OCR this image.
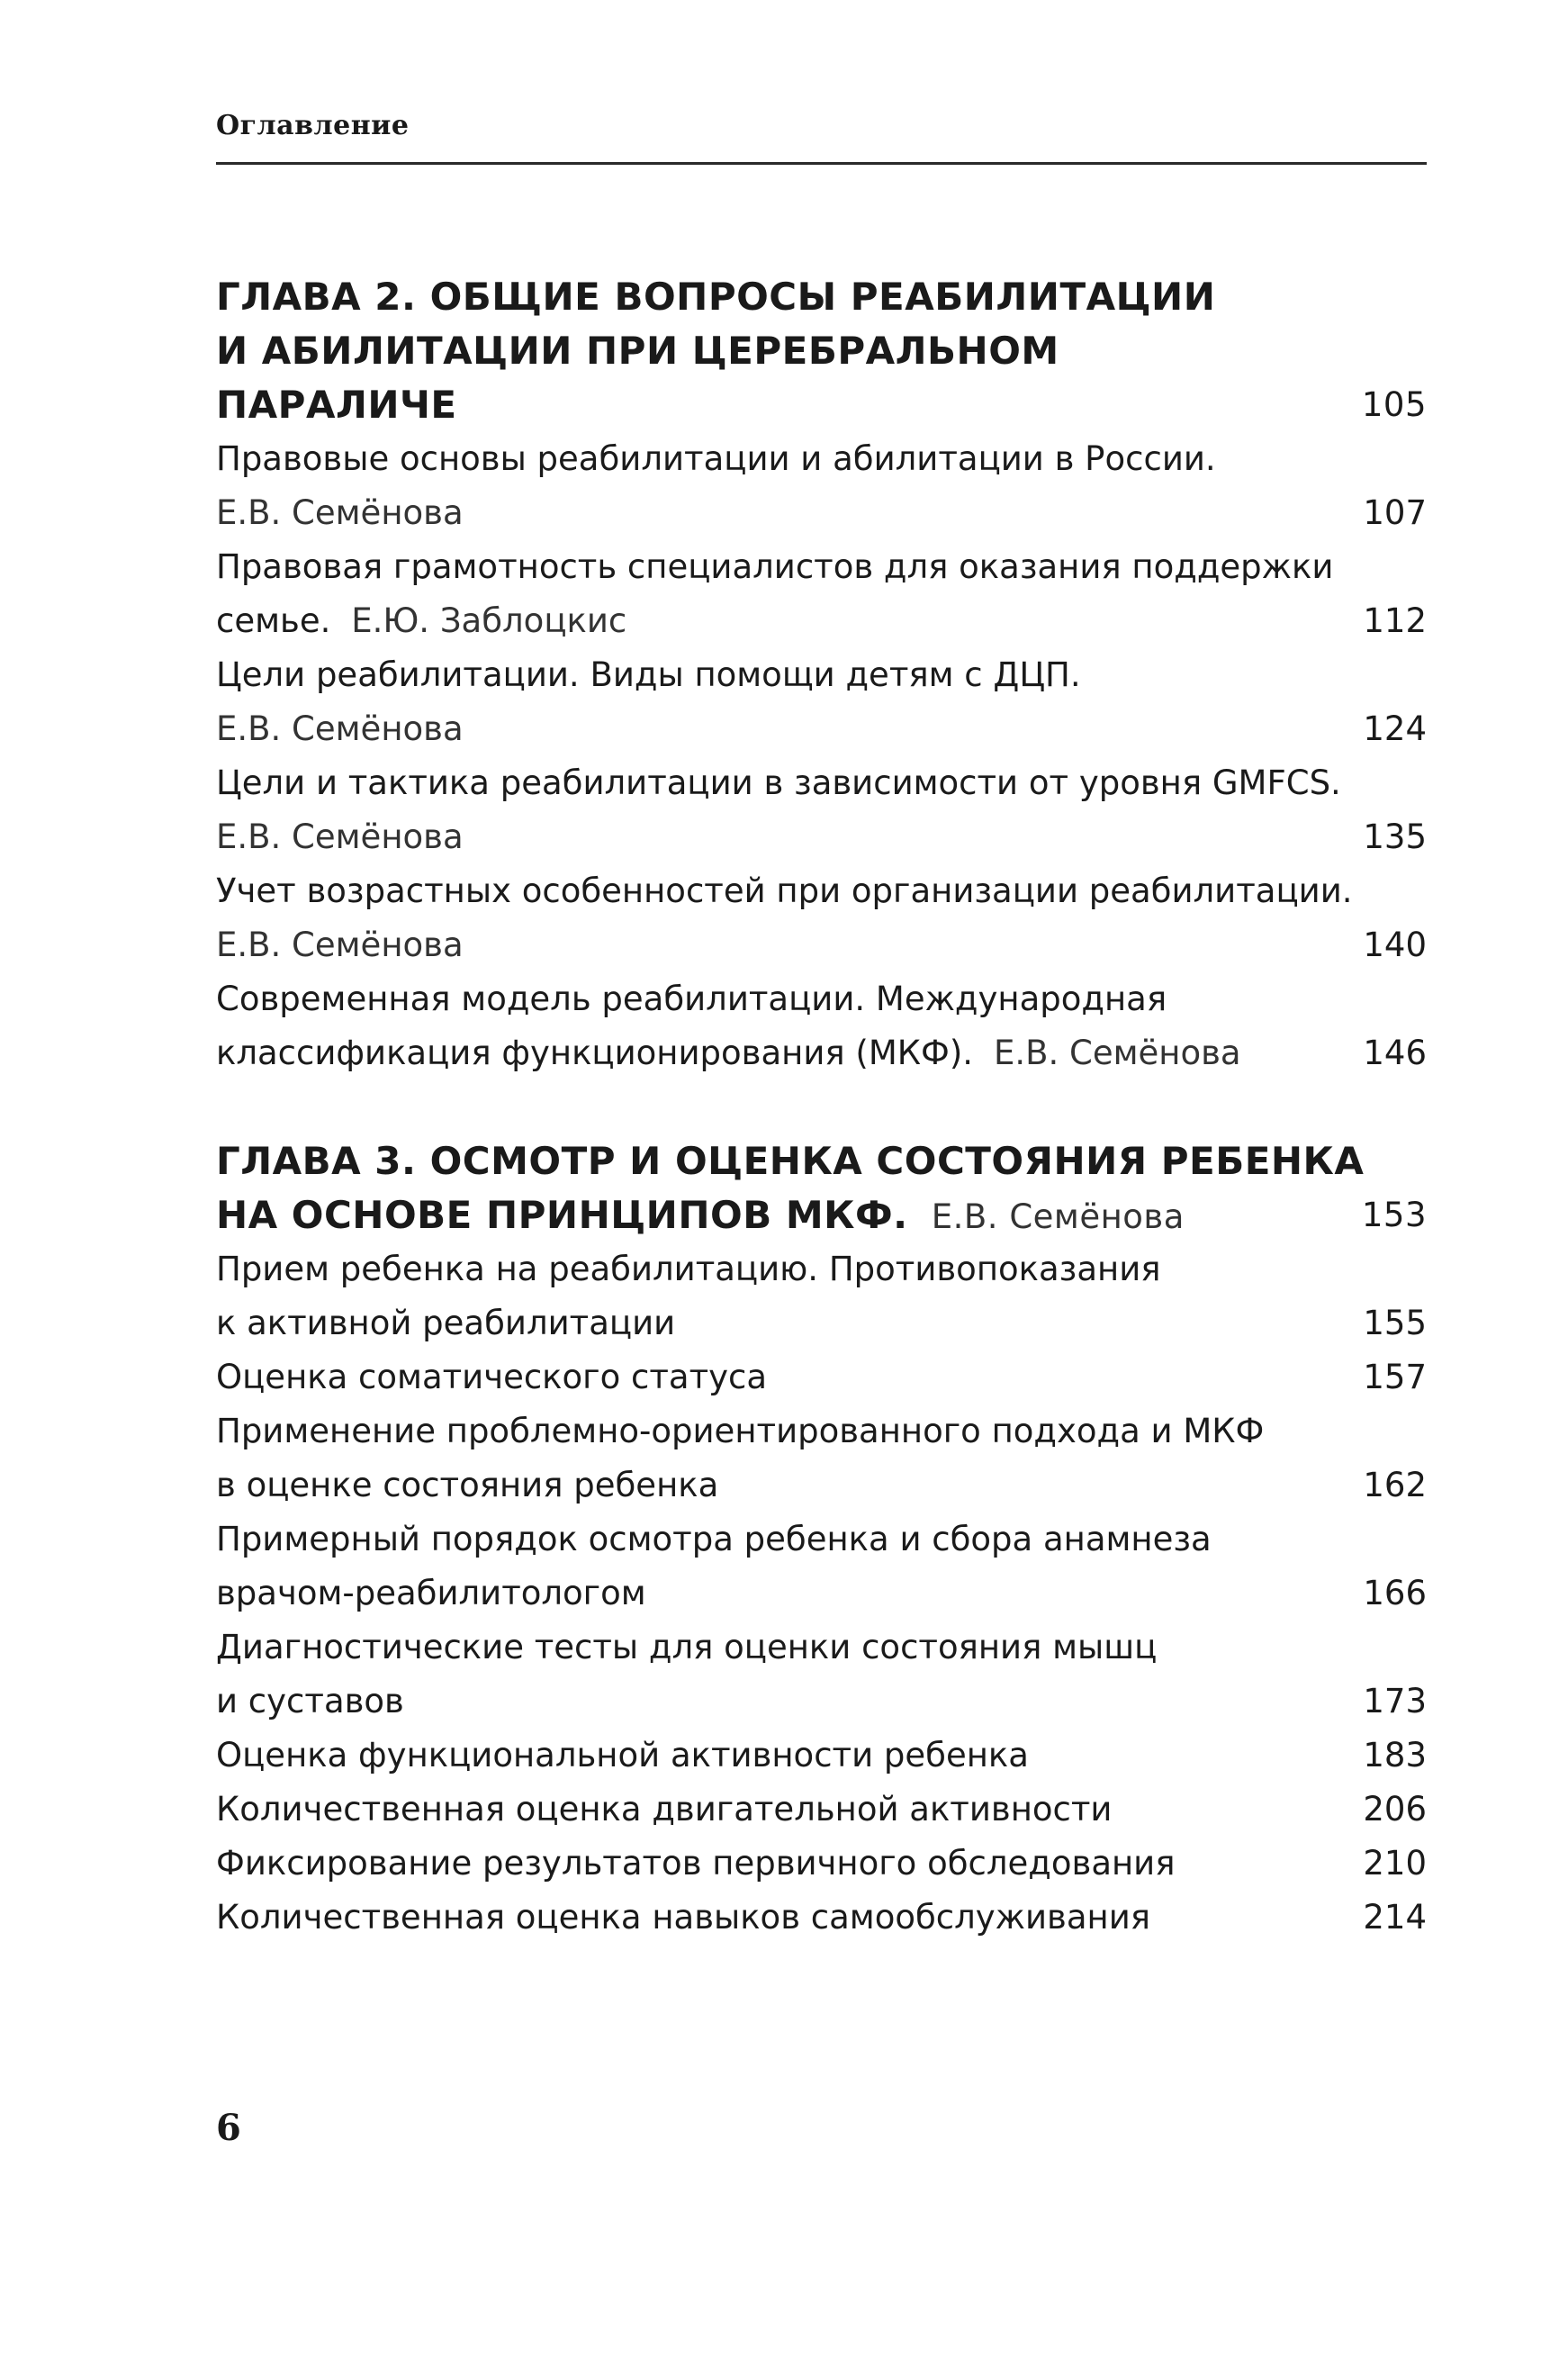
Оглавление
ГЛАВА 2. ОБЩИЕ ВОПРОСЫ РЕАБИЛИТАЦИИ
И АБИЛИТАЦИИ ПРИ ЦЕРЕБРАЛЬНОМ
ПАРАЛИЧЕ	105
Правовые основы реабилитации и абилитации в России.
Е.В. Семёнова	107
Правовая грамотность специалистов для оказания поддержки
семье. Е.Ю. Заблоцкис	112
Цели реабилитации. Виды помощи детям с ДЦП.
Е.В. Семёнова	124
Цели и тактика реабилитации в зависимости от уровня GMFCS.
Е.В. Семёнова	135
Учет возрастных особенностей при организации реабилитации.
Е.В. Семёнова	140
Современная модель реабилитации. Международная
классификация функционирования (МКФ). Е.В. Семёнова	146
ГЛАВА 3. ОСМОТР И ОЦЕНКА СОСТОЯНИЯ РЕБЕНКА
НА ОСНОВЕ ПРИНЦИПОВ МКФ. Е.В. Семёнова	153
Прием ребенка на реабилитацию. Противопоказания
к активной реабилитации	155
Оценка соматического статуса	157
Применение проблемно-ориентированного подхода и МКФ
в оценке состояния ребенка	162
Примерный порядок осмотра ребенка и сбора анамнеза
врачом-реабилитологом	166
Диагностические тесты для оценки состояния мышц
и суставов	173
Оценка функциональной активности ребенка	183
Количественная оценка двигательной активности	206
Фиксирование результатов первичного обследования	210
Количественная оценка навыков самообслуживания	214
6
